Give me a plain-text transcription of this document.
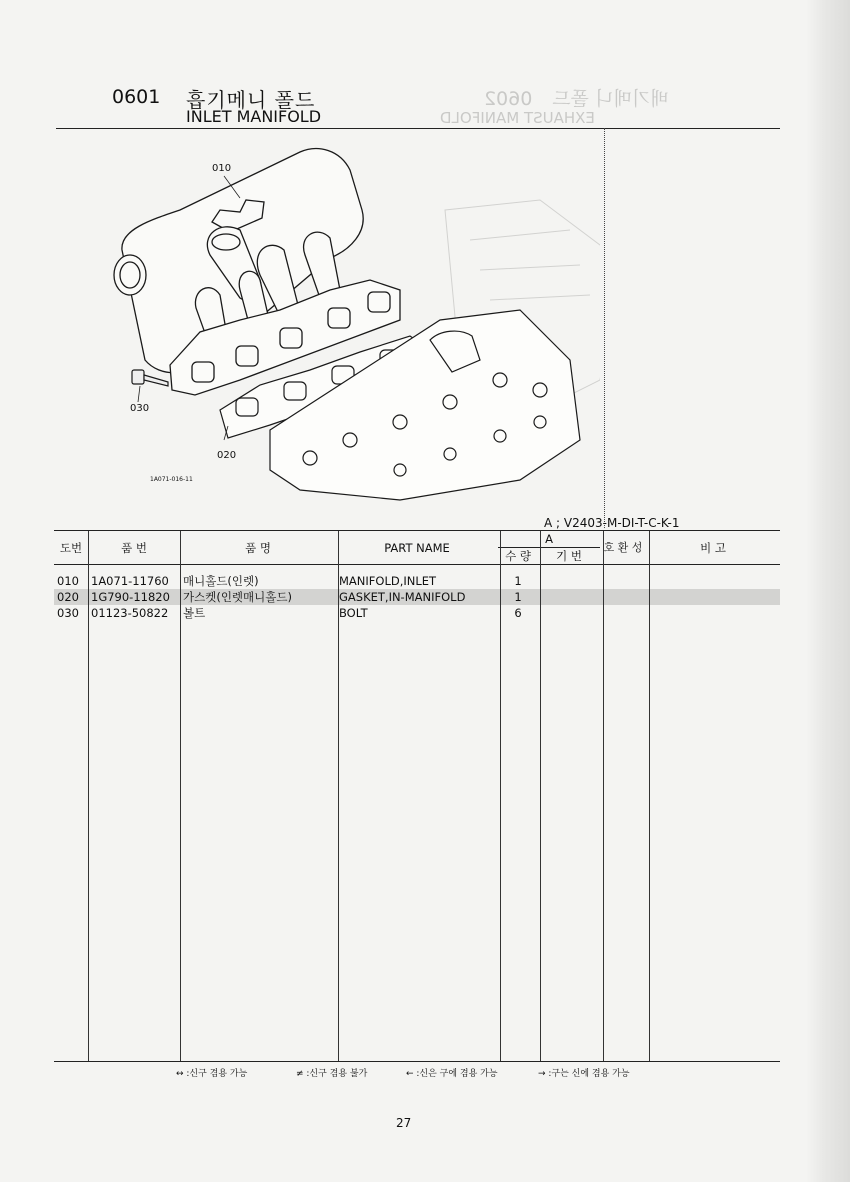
배기메니 폴드 0602
EXHAUST MANIFOLD
0601 흡기메니 폴드
INLET MANIFOLD
010
030
020
1A071-016-11
A ; V2403-M-DI-T-C-K-1
도번	품 번	품 명	PART NAME	A		호 환 성	비 고
				수 량	기 번		

010	1A071-11760	매니홀드(인렛)	MANIFOLD,INLET	1			
020	1G790-11820	가스켓(인렛매니홀드)	GASKET,IN-MANIFOLD	1			
030	01123-50822	볼트	BOLT	6			
↔ :신구 겸용 가능	≠ :신구 겸용 불가	← :신은 구에 겸용 가능	→ :구는 신에 겸용 가능
27
